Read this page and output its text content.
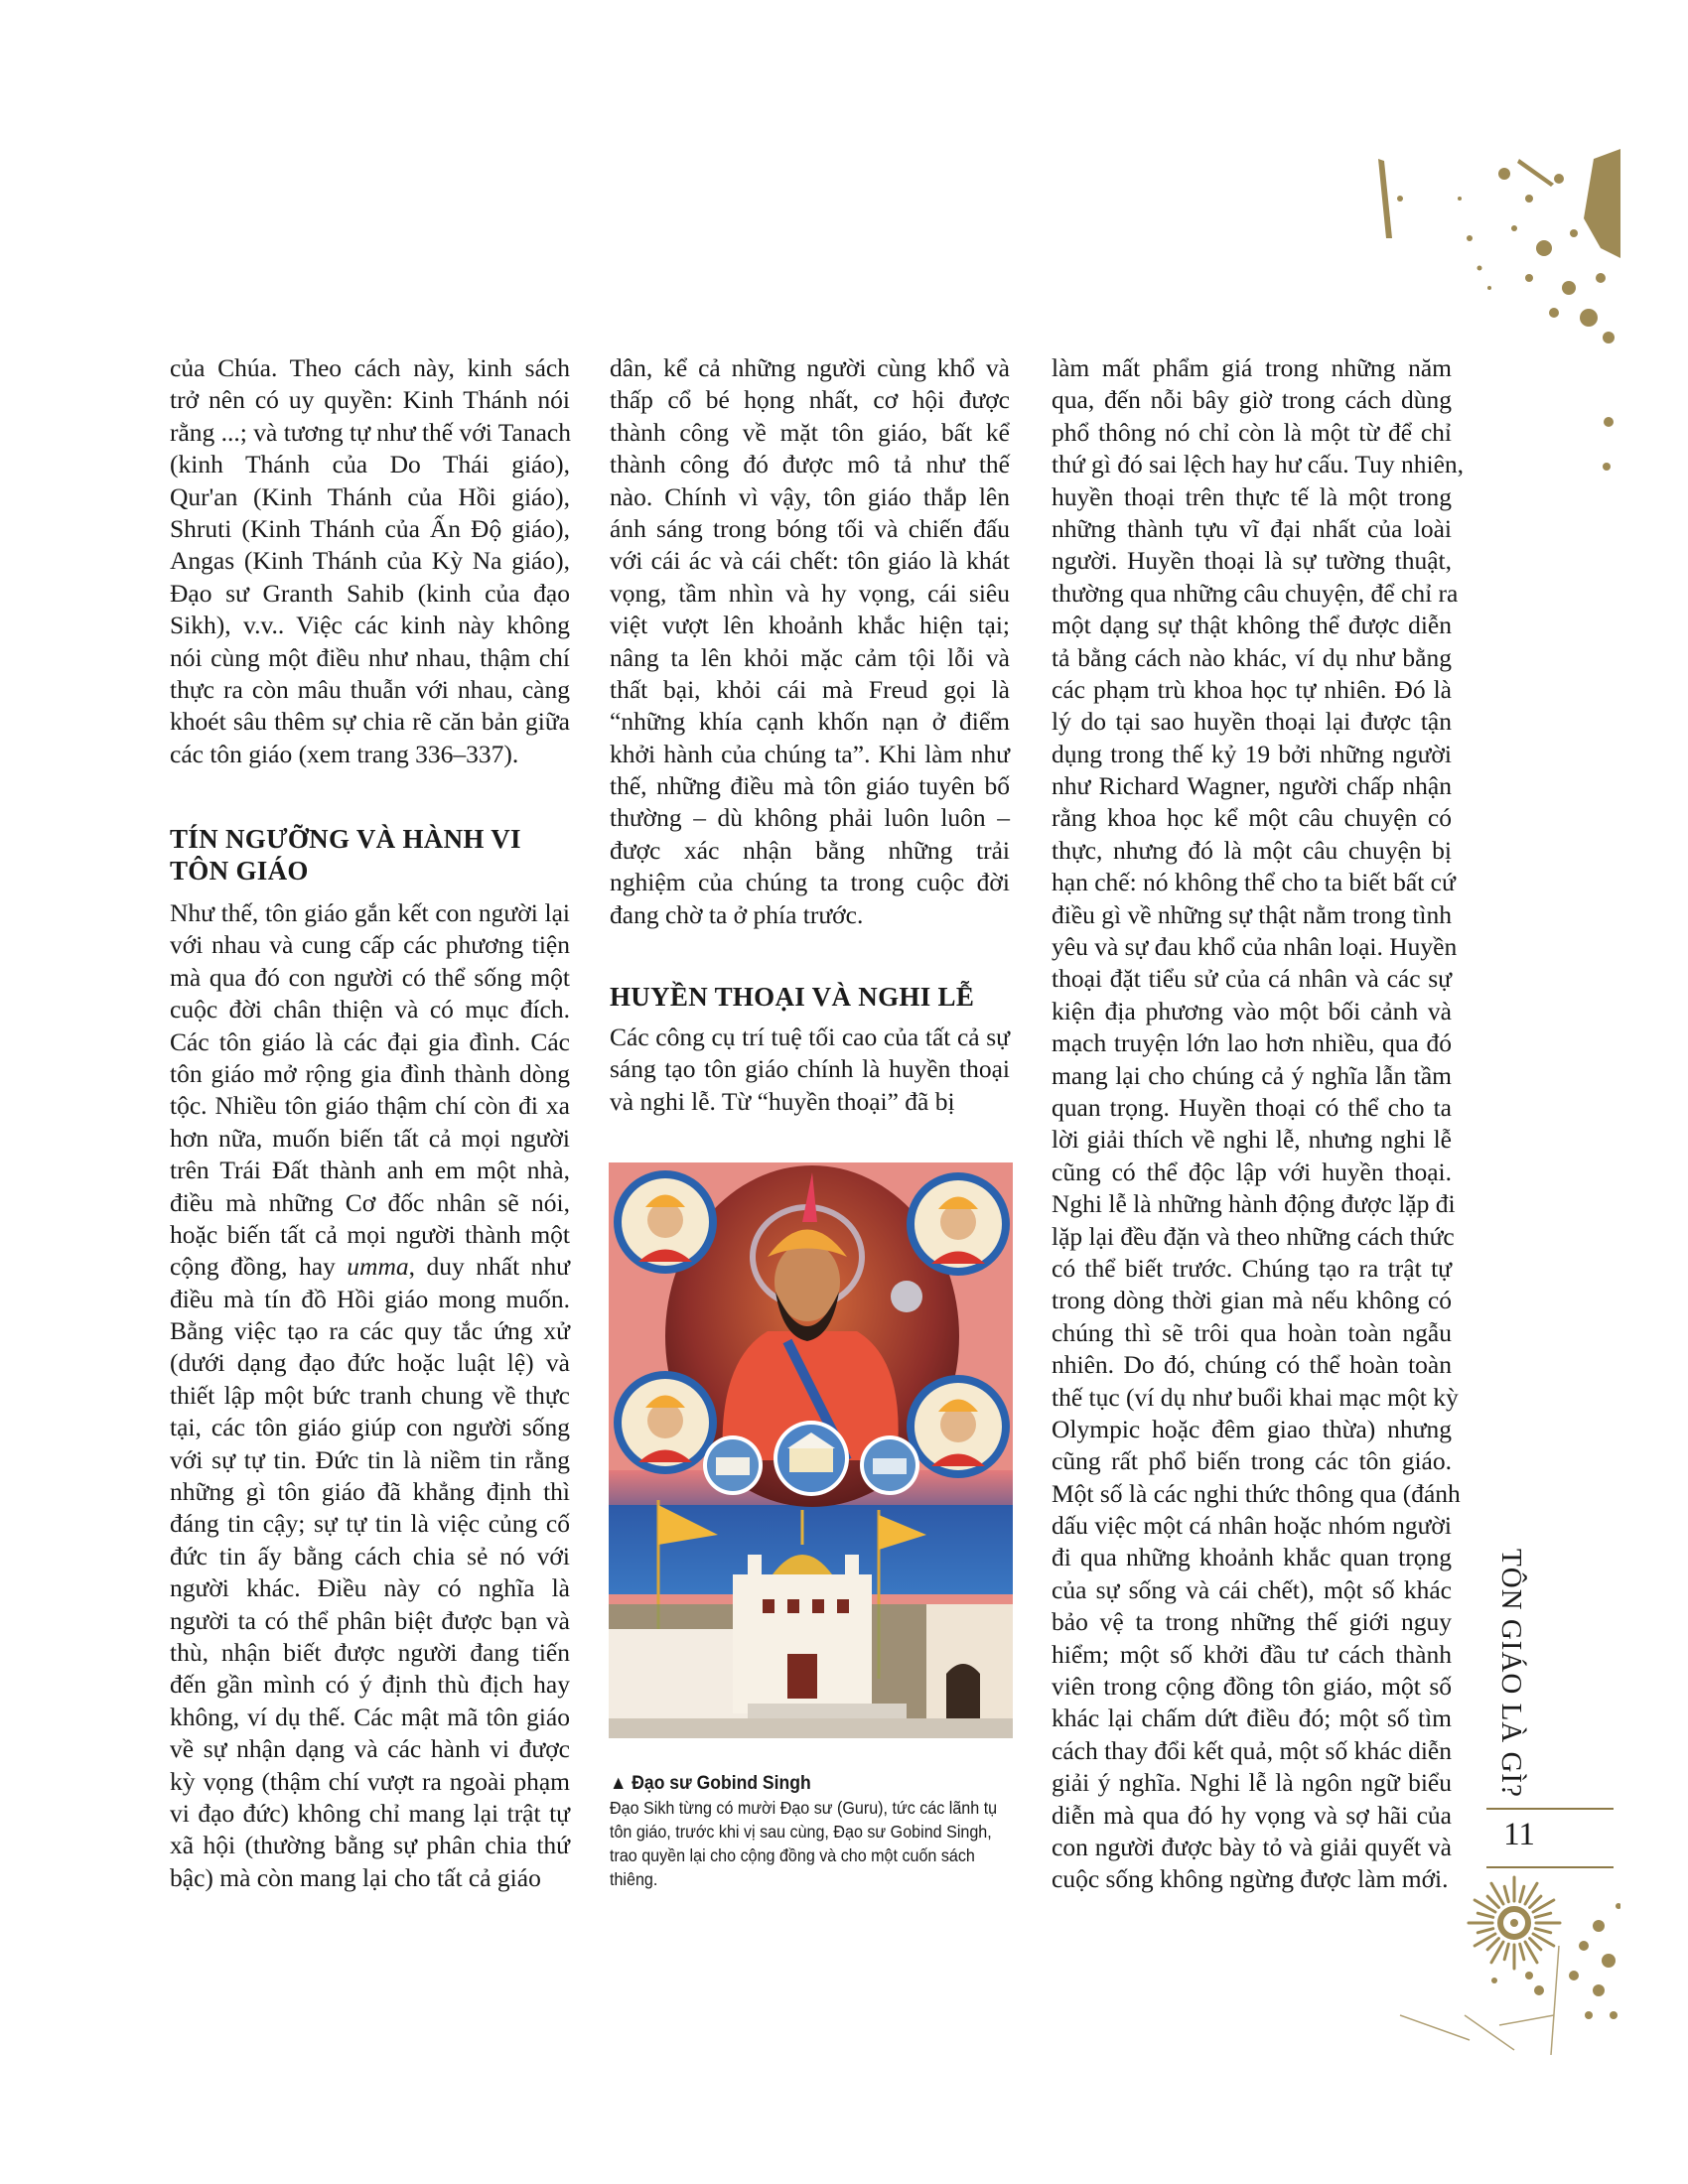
của Chúa. Theo cách này, kinh sách
trở nên có uy quyền: Kinh Thánh nói
rằng ...; và tương tự như thế với Tanach
(kinh Thánh của Do Thái giáo),
Qur'an (Kinh Thánh của Hồi giáo),
Shruti (Kinh Thánh của Ấn Độ giáo),
Angas (Kinh Thánh của Kỳ Na giáo),
Đạo sư Granth Sahib (kinh của đạo
Sikh), v.v.. Việc các kinh này không
nói cùng một điều như nhau, thậm chí
thực ra còn mâu thuẫn với nhau, càng
khoét sâu thêm sự chia rẽ căn bản giữa
các tôn giáo (xem trang 336–337).
TÍN NGƯỠNG VÀ HÀNH VI
TÔN GIÁO
Như thế, tôn giáo gắn kết con người lại
với nhau và cung cấp các phương tiện
mà qua đó con người có thể sống một
cuộc đời chân thiện và có mục đích.
Các tôn giáo là các đại gia đình. Các
tôn giáo mở rộng gia đình thành dòng
tộc. Nhiều tôn giáo thậm chí còn đi xa
hơn nữa, muốn biến tất cả mọi người
trên Trái Đất thành anh em một nhà,
điều mà những Cơ đốc nhân sẽ nói,
hoặc biến tất cả mọi người thành một
cộng đồng, hay umma, duy nhất như
điều mà tín đồ Hồi giáo mong muốn.
Bằng việc tạo ra các quy tắc ứng xử
(dưới dạng đạo đức hoặc luật lệ) và
thiết lập một bức tranh chung về thực
tại, các tôn giáo giúp con người sống
với sự tự tin. Đức tin là niềm tin rằng
những gì tôn giáo đã khẳng định thì
đáng tin cậy; sự tự tin là việc củng cố
đức tin ấy bằng cách chia sẻ nó với
người khác. Điều này có nghĩa là
người ta có thể phân biệt được bạn và
thù, nhận biết được người đang tiến
đến gần mình có ý định thù địch hay
không, ví dụ thế. Các mật mã tôn giáo
về sự nhận dạng và các hành vi được
kỳ vọng (thậm chí vượt ra ngoài phạm
vi đạo đức) không chỉ mang lại trật tự
xã hội (thường bằng sự phân chia thứ
bậc) mà còn mang lại cho tất cả giáo
dân, kể cả những người cùng khổ và
thấp cổ bé họng nhất, cơ hội được
thành công về mặt tôn giáo, bất kể
thành công đó được mô tả như thế
nào. Chính vì vậy, tôn giáo thắp lên
ánh sáng trong bóng tối và chiến đấu
với cái ác và cái chết: tôn giáo là khát
vọng, tầm nhìn và hy vọng, cái siêu
việt vượt lên khoảnh khắc hiện tại;
nâng ta lên khỏi mặc cảm tội lỗi và
thất bại, khỏi cái mà Freud gọi là
“những khía cạnh khốn nạn ở điểm
khởi hành của chúng ta”. Khi làm như
thế, những điều mà tôn giáo tuyên bố
thường – dù không phải luôn luôn –
được xác nhận bằng những trải
nghiệm của chúng ta trong cuộc đời
đang chờ ta ở phía trước.
HUYỀN THOẠI VÀ NGHI LỄ
Các công cụ trí tuệ tối cao của tất cả sự
sáng tạo tôn giáo chính là huyền thoại
và nghi lễ. Từ “huyền thoại” đã bị
▲ Đạo sư Gobind Singh
Đạo Sikh từng có mười Đạo sư (Guru), tức các lãnh tụ tôn giáo, trước khi vị sau cùng, Đạo sư Gobind Singh, trao quyền lại cho cộng đồng và cho một cuốn sách thiêng.
làm mất phẩm giá trong những năm
qua, đến nỗi bây giờ trong cách dùng
phổ thông nó chỉ còn là một từ để chỉ
thứ gì đó sai lệch hay hư cấu. Tuy nhiên,
huyền thoại trên thực tế là một trong
những thành tựu vĩ đại nhất của loài
người. Huyền thoại là sự tường thuật,
thường qua những câu chuyện, để chỉ ra
một dạng sự thật không thể được diễn
tả bằng cách nào khác, ví dụ như bằng
các phạm trù khoa học tự nhiên. Đó là
lý do tại sao huyền thoại lại được tận
dụng trong thế kỷ 19 bởi những người
như Richard Wagner, người chấp nhận
rằng khoa học kể một câu chuyện có
thực, nhưng đó là một câu chuyện bị
hạn chế: nó không thể cho ta biết bất cứ
điều gì về những sự thật nằm trong tình
yêu và sự đau khổ của nhân loại. Huyền
thoại đặt tiểu sử của cá nhân và các sự
kiện địa phương vào một bối cảnh và
mạch truyện lớn lao hơn nhiều, qua đó
mang lại cho chúng cả ý nghĩa lẫn tầm
quan trọng. Huyền thoại có thể cho ta
lời giải thích về nghi lễ, nhưng nghi lễ
cũng có thể độc lập với huyền thoại.
Nghi lễ là những hành động được lặp đi
lặp lại đều đặn và theo những cách thức
có thể biết trước. Chúng tạo ra trật tự
trong dòng thời gian mà nếu không có
chúng thì sẽ trôi qua hoàn toàn ngẫu
nhiên. Do đó, chúng có thể hoàn toàn
thế tục (ví dụ như buổi khai mạc một kỳ
Olympic hoặc đêm giao thừa) nhưng
cũng rất phổ biến trong các tôn giáo.
Một số là các nghi thức thông qua (đánh
dấu việc một cá nhân hoặc nhóm người
đi qua những khoảnh khắc quan trọng
của sự sống và cái chết), một số khác
bảo vệ ta trong những thế giới nguy
hiểm; một số khởi đầu tư cách thành
viên trong cộng đồng tôn giáo, một số
khác lại chấm dứt điều đó; một số tìm
cách thay đổi kết quả, một số khác diễn
giải ý nghĩa. Nghi lễ là ngôn ngữ biểu
diễn mà qua đó hy vọng và sợ hãi của
con người được bày tỏ và giải quyết và
cuộc sống không ngừng được làm mới.
TÔN GIÁO LÀ GÌ?
11
